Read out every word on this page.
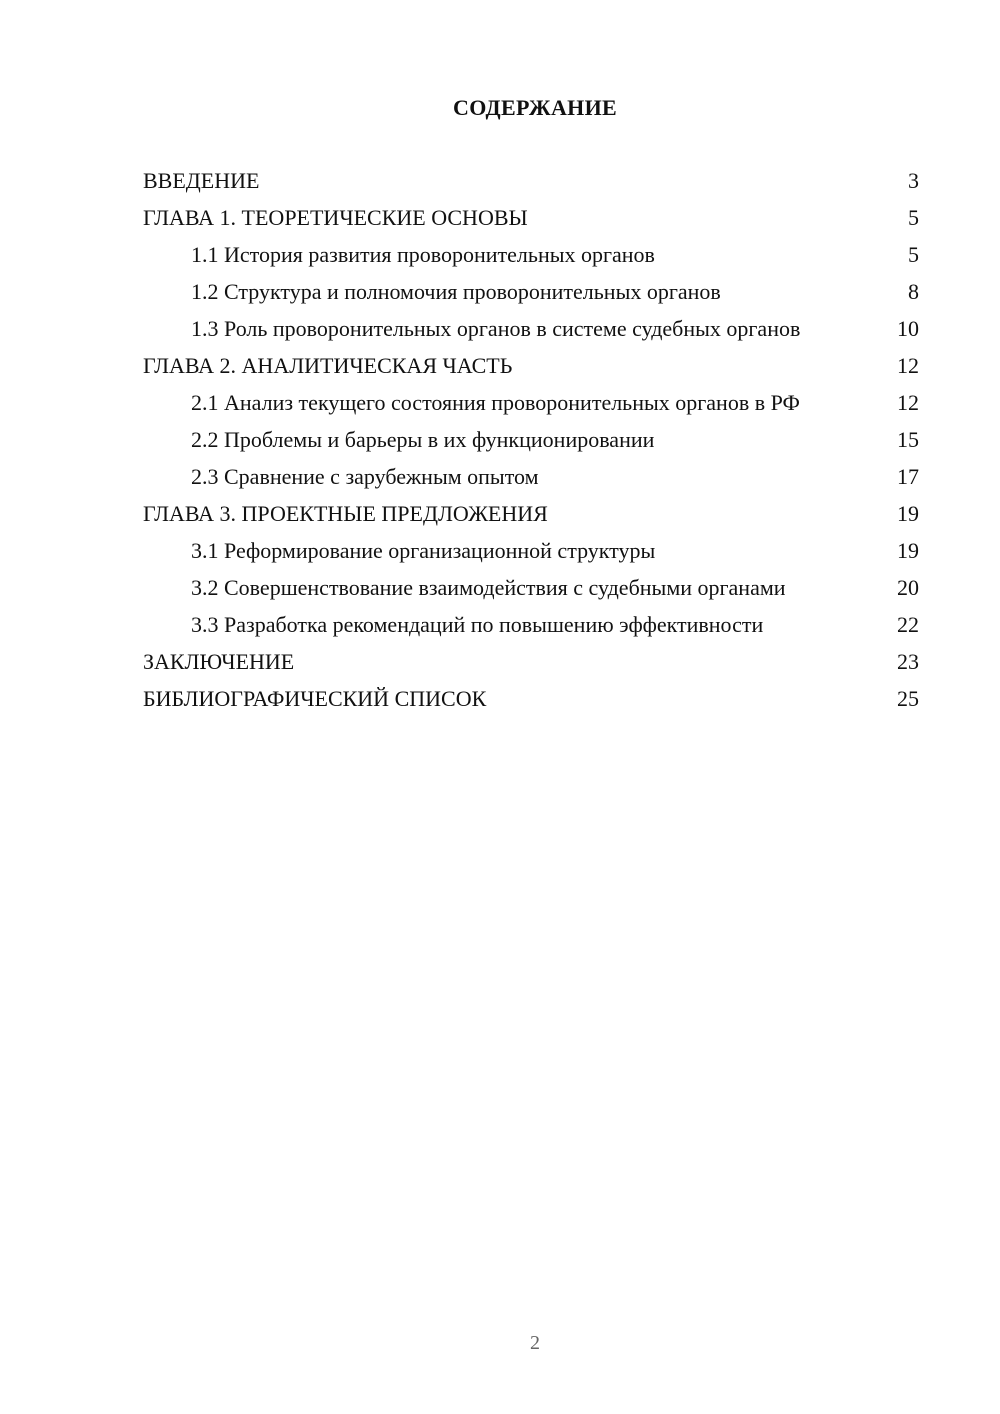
СОДЕРЖАНИЕ
ВВЕДЕНИЕ	3
ГЛАВА 1. ТЕОРЕТИЧЕСКИЕ ОСНОВЫ	5
1.1 История развития проворонительных органов	5
1.2 Структура и полномочия проворонительных органов	8
1.3 Роль проворонительных органов в системе судебных органов	10
ГЛАВА 2. АНАЛИТИЧЕСКАЯ ЧАСТЬ	12
2.1 Анализ текущего состояния проворонительных органов в РФ	12
2.2 Проблемы и барьеры в их функционировании	15
2.3 Сравнение с зарубежным опытом	17
ГЛАВА 3. ПРОЕКТНЫЕ ПРЕДЛОЖЕНИЯ	19
3.1 Реформирование организационной структуры	19
3.2 Совершенствование взаимодействия с судебными органами	20
3.3 Разработка рекомендаций по повышению эффективности	22
ЗАКЛЮЧЕНИЕ	23
БИБЛИОГРАФИЧЕСКИЙ СПИСОК	25
2
